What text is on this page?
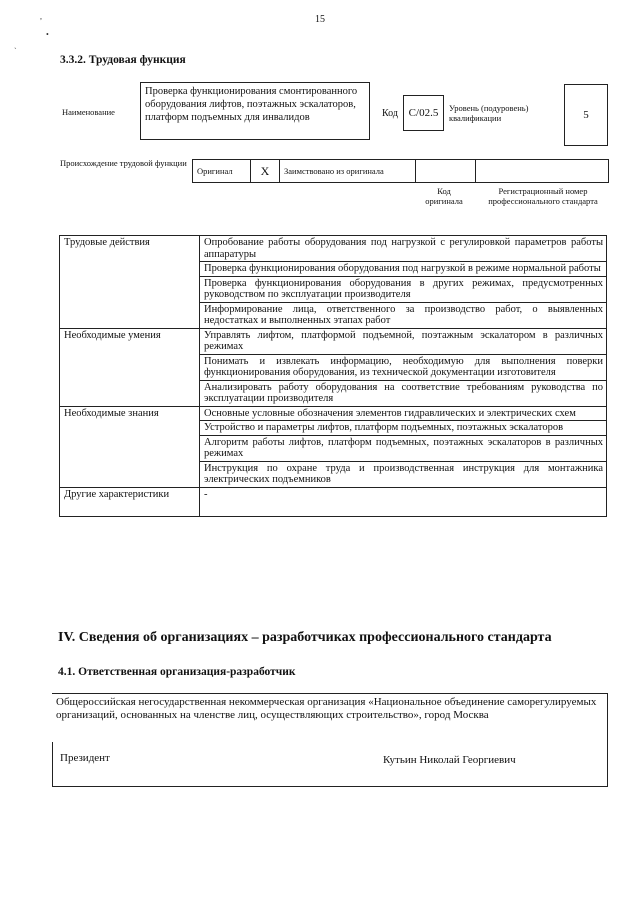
15
,
•
ˎ
3.3.2. Трудовая функция
Наименование
Проверка функционирования смонтированного оборудования лифтов, поэтажных эскалаторов, платформ подъемных для инвалидов	Код С/02.5	Уровень (подуровень) квалификации	5
Происхождение трудовой функции
Оригинал X Заимствовано из оригинала
Код оригинала
Регистрационный номер профессионального стандарта
Трудовые действия	Опробование работы оборудования под нагрузкой с регулировкой параметров работы аппаратуры
	Проверка функционирования оборудования под нагрузкой в режиме нормальной работы
	Проверка функционирования оборудования в других режимах, предусмотренных руководством по эксплуатации производителя
	Информирование лица, ответственного за производство работ, о выявленных недостатках и выполненных этапах работ
Необходимые умения	Управлять лифтом, платформой подъемной, поэтажным эскалатором в различных режимах
	Понимать и извлекать информацию, необходимую для выполнения поверки функционирования оборудования, из технической документации изготовителя
	Анализировать работу оборудования на соответствие требованиям руководства по эксплуатации производителя
Необходимые знания	Основные условные обозначения элементов гидравлических и электрических схем
	Устройство и параметры лифтов, платформ подъемных, поэтажных эскалаторов
	Алгоритм работы лифтов, платформ подъемных, поэтажных эскалаторов в различных режимах
	Инструкция по охране труда и производственная инструкция для монтажника электрических подъемников
Другие характеристики	-
IV. Сведения об организациях – разработчиках профессионального стандарта
4.1. Ответственная организация-разработчик
Общероссийская негосударственная некоммерческая организация «Национальное объединение саморегулируемых организаций, основанных на членстве лиц, осуществляющих строительство», город Москва
Президент	Кутьин Николай Георгиевич
